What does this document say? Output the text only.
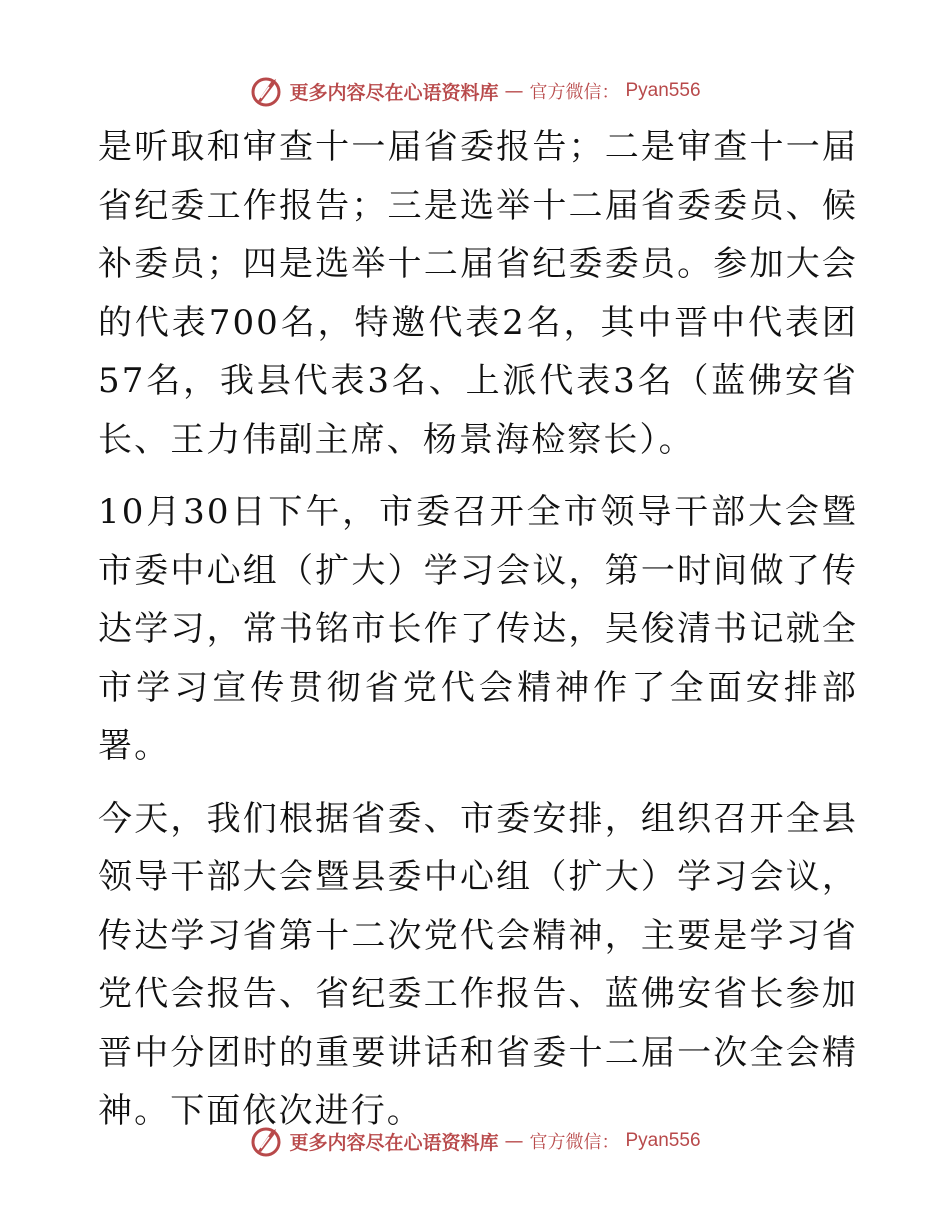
更多内容尽在心语资料库 — 官方微信： Pyan556

是听取和审查十一届省委报告；二是审查十一届省纪委工作报告；三是选举十二届省委委员、候补委员；四是选举十二届省纪委委员。参加大会的代表700名，特邀代表2名，其中晋中代表团57名，我县代表3名、上派代表3名（蓝佛安省长、王力伟副主席、杨景海检察长）。

10月30日下午，市委召开全市领导干部大会暨市委中心组（扩大）学习会议，第一时间做了传达学习，常书铭市长作了传达，吴俊清书记就全市学习宣传贯彻省党代会精神作了全面安排部署。

今天，我们根据省委、市委安排，组织召开全县领导干部大会暨县委中心组（扩大）学习会议，传达学习省第十二次党代会精神，主要是学习省党代会报告、省纪委工作报告、蓝佛安省长参加晋中分团时的重要讲话和省委十二届一次全会精神。下面依次进行。

更多内容尽在心语资料库 — 官方微信： Pyan556
